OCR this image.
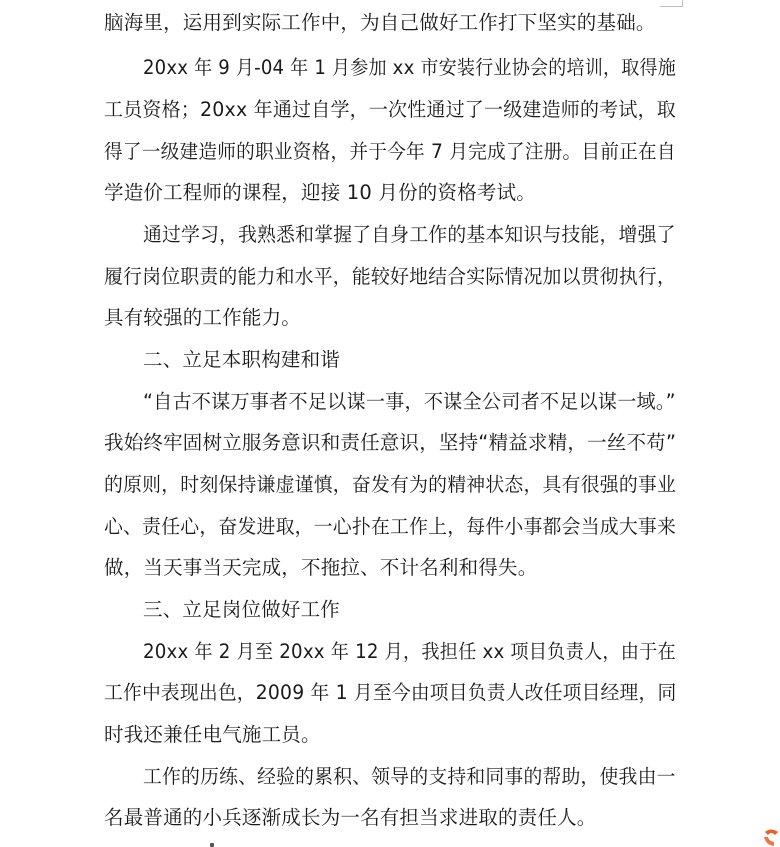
脑海里，运用到实际工作中，为自己做好工作打下坚实的基础。
20xx 年 9 月-04 年 1 月参加 xx 市安装行业协会的培训，取得施
工员资格；20xx 年通过自学，一次性通过了一级建造师的考试，取
得了一级建造师的职业资格，并于今年 7 月完成了注册。目前正在自
学造价工程师的课程，迎接 10 月份的资格考试。
通过学习，我熟悉和掌握了自身工作的基本知识与技能，增强了
履行岗位职责的能力和水平，能较好地结合实际情况加以贯彻执行，
具有较强的工作能力。
二、立足本职构建和谐
“自古不谋万事者不足以谋一事，不谋全公司者不足以谋一域。”
我始终牢固树立服务意识和责任意识，坚持“精益求精，一丝不苟”
的原则，时刻保持谦虚谨慎，奋发有为的精神状态，具有很强的事业
心、责任心，奋发进取，一心扑在工作上，每件小事都会当成大事来
做，当天事当天完成，不拖拉、不计名利和得失。
三、立足岗位做好工作
20xx 年 2 月至 20xx 年 12 月，我担任 xx 项目负责人，由于在
工作中表现出色，2009 年 1 月至今由项目负责人改任项目经理，同
时我还兼任电气施工员。
工作的历练、经验的累积、领导的支持和同事的帮助，使我由一
名最普通的小兵逐渐成长为一名有担当求进取的责任人。
